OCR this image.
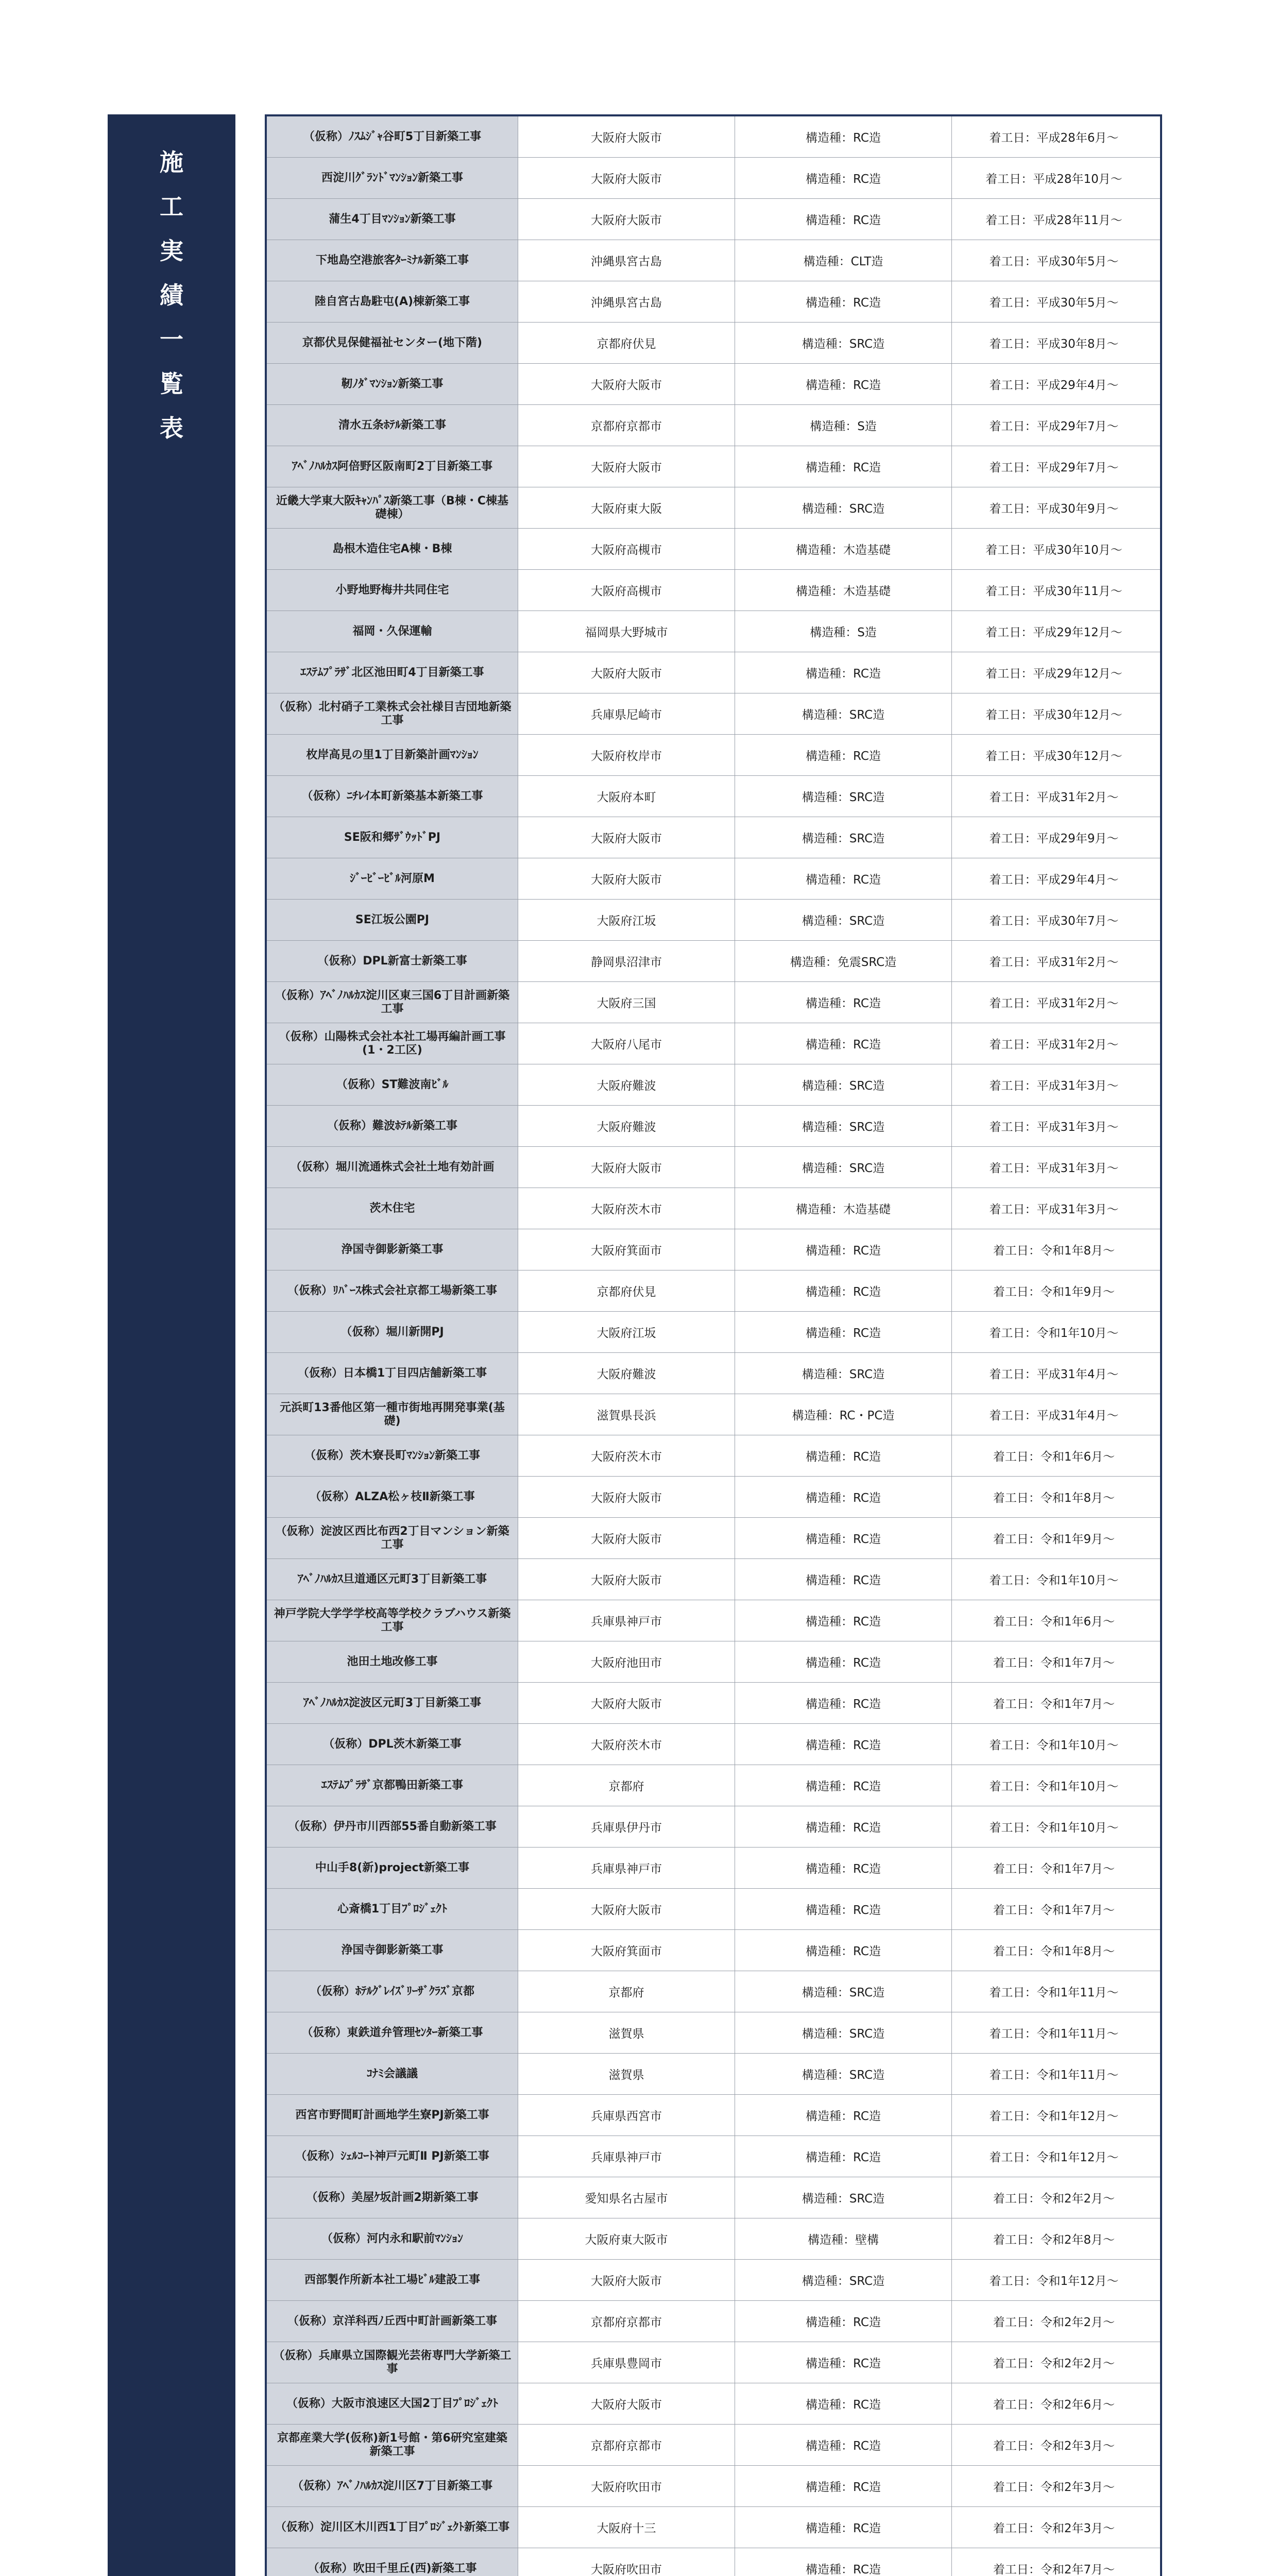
施
工
実
績
一
覧
表
（仮称）ﾉｽﾑｼﾞｬ谷町5丁目新築工事	大阪府大阪市	構造種：RC造	着工日：平成28年6月～
西淀川ｸﾞﾗﾝﾄﾞﾏﾝｼｮﾝ新築工事	大阪府大阪市	構造種：RC造	着工日：平成28年10月～
蒲生4丁目ﾏﾝｼｮﾝ新築工事	大阪府大阪市	構造種：RC造	着工日：平成28年11月～
下地島空港旅客ﾀｰﾐﾅﾙ新築工事	沖縄県宮古島	構造種：CLT造	着工日：平成30年5月～
陸自宮古島駐屯(A)棟新築工事	沖縄県宮古島	構造種：RC造	着工日：平成30年5月～
京都伏見保健福祉センター(地下階)	京都府伏見	構造種：SRC造	着工日：平成30年8月～
靭ﾉﾀﾞﾏﾝｼｮﾝ新築工事	大阪府大阪市	構造種：RC造	着工日：平成29年4月～
清水五条ﾎﾃﾙ新築工事	京都府京都市	構造種：S造	着工日：平成29年7月～
ｱﾍﾞﾉﾊﾙｶｽ阿倍野区阪南町2丁目新築工事	大阪府大阪市	構造種：RC造	着工日：平成29年7月～
近畿大学東大阪ｷｬﾝﾊﾟｽ新築工事（B棟・C棟基礎棟）	大阪府東大阪	構造種：SRC造	着工日：平成30年9月～
島根木造住宅A棟・B棟	大阪府高槻市	構造種：木造基礎	着工日：平成30年10月～
小野地野梅井共同住宅	大阪府高槻市	構造種：木造基礎	着工日：平成30年11月～
福岡・久保運輸	福岡県大野城市	構造種：S造	着工日：平成29年12月～
ｴｽﾃﾑﾌﾟﾗｻﾞ北区池田町4丁目新築工事	大阪府大阪市	構造種：RC造	着工日：平成29年12月～
（仮称）北村硝子工業株式会社様目吉団地新築工事	兵庫県尼崎市	構造種：SRC造	着工日：平成30年12月～
枚岸高見の里1丁目新築計画ﾏﾝｼｮﾝ	大阪府枚岸市	構造種：RC造	着工日：平成30年12月～
（仮称）ﾆﾁﾚｲ本町新築基本新築工事	大阪府本町	構造種：SRC造	着工日：平成31年2月～
SE阪和郷ｻﾞｳｯﾄﾞPJ	大阪府大阪市	構造種：SRC造	着工日：平成29年9月～
ｼﾞｰﾋﾞｰﾋﾞﾙ河原M	大阪府大阪市	構造種：RC造	着工日：平成29年4月～
SE江坂公園PJ	大阪府江坂	構造種：SRC造	着工日：平成30年7月～
（仮称）DPL新富士新築工事	静岡県沼津市	構造種：免震SRC造	着工日：平成31年2月～
（仮称）ｱﾍﾞﾉﾊﾙｶｽ淀川区東三国6丁目計画新築工事	大阪府三国	構造種：RC造	着工日：平成31年2月～
（仮称）山陽株式会社本社工場再編計画工事(1・2工区)	大阪府八尾市	構造種：RC造	着工日：平成31年2月～
（仮称）ST難波南ﾋﾞﾙ	大阪府難波	構造種：SRC造	着工日：平成31年3月～
（仮称）難波ﾎﾃﾙ新築工事	大阪府難波	構造種：SRC造	着工日：平成31年3月～
（仮称）堀川流通株式会社土地有効計画	大阪府大阪市	構造種：SRC造	着工日：平成31年3月～
茨木住宅	大阪府茨木市	構造種：木造基礎	着工日：平成31年3月～
浄国寺御影新築工事	大阪府箕面市	構造種：RC造	着工日：令和1年8月～
（仮称）ﾘﾊﾞｰｽ株式会社京都工場新築工事	京都府伏見	構造種：RC造	着工日：令和1年9月～
（仮称）堀川新開PJ	大阪府江坂	構造種：RC造	着工日：令和1年10月～
（仮称）日本橋1丁目四店舗新築工事	大阪府難波	構造種：SRC造	着工日：平成31年4月～
元浜町13番他区第一種市街地再開発事業(基礎)	滋賀県長浜	構造種：RC・PC造	着工日：平成31年4月～
（仮称）茨木寮長町ﾏﾝｼｮﾝ新築工事	大阪府茨木市	構造種：RC造	着工日：令和1年6月～
（仮称）ALZA松ヶ枝Ⅱ新築工事	大阪府大阪市	構造種：RC造	着工日：令和1年8月～
（仮称）淀波区西比布西2丁目マンション新築工事	大阪府大阪市	構造種：RC造	着工日：令和1年9月～
ｱﾍﾞﾉﾊﾙｶｽ旦道通区元町3丁目新築工事	大阪府大阪市	構造種：RC造	着工日：令和1年10月～
神戸学院大学学学校高等学校クラブハウス新築工事	兵庫県神戸市	構造種：RC造	着工日：令和1年6月～
池田土地改修工事	大阪府池田市	構造種：RC造	着工日：令和1年7月～
ｱﾍﾞﾉﾊﾙｶｽ淀波区元町3丁目新築工事	大阪府大阪市	構造種：RC造	着工日：令和1年7月～
（仮称）DPL茨木新築工事	大阪府茨木市	構造種：RC造	着工日：令和1年10月～
ｴｽﾃﾑﾌﾟﾗｻﾞ京都鴨田新築工事	京都府	構造種：RC造	着工日：令和1年10月～
（仮称）伊丹市川西部55番自動新築工事	兵庫県伊丹市	構造種：RC造	着工日：令和1年10月～
中山手8(新)project新築工事	兵庫県神戸市	構造種：RC造	着工日：令和1年7月～
心斎橋1丁目ﾌﾟﾛｼﾞｪｸﾄ	大阪府大阪市	構造種：RC造	着工日：令和1年7月～
浄国寺御影新築工事	大阪府箕面市	構造種：RC造	着工日：令和1年8月～
（仮称）ﾎﾃﾙｸﾞﾚｲｽﾞﾘｰｻﾞｸﾗｽﾞ京都	京都府	構造種：SRC造	着工日：令和1年11月～
（仮称）東鉄道弁管理ｾﾝﾀｰ新築工事	滋賀県	構造種：SRC造	着工日：令和1年11月～
ｺﾅﾐ会議議	滋賀県	構造種：SRC造	着工日：令和1年11月～
西宮市野間町計画地学生寮PJ新築工事	兵庫県西宮市	構造種：RC造	着工日：令和1年12月～
（仮称）ｼｪﾙｺｰﾄ神戸元町Ⅱ PJ新築工事	兵庫県神戸市	構造種：RC造	着工日：令和1年12月～
（仮称）美屋ｹ坂計画2期新築工事	愛知県名古屋市	構造種：SRC造	着工日：令和2年2月～
（仮称）河内永和駅前ﾏﾝｼｮﾝ	大阪府東大阪市	構造種：壁構	着工日：令和2年8月～
西部製作所新本社工場ﾋﾞﾙ建設工事	大阪府大阪市	構造種：SRC造	着工日：令和1年12月～
（仮称）京洋科西ﾉ丘西中町計画新築工事	京都府京都市	構造種：RC造	着工日：令和2年2月～
（仮称）兵庫県立国際観光芸術専門大学新築工事	兵庫県豊岡市	構造種：RC造	着工日：令和2年2月～
（仮称）大阪市浪速区大国2丁目ﾌﾟﾛｼﾞｪｸﾄ	大阪府大阪市	構造種：RC造	着工日：令和2年6月～
京都産業大学(仮称)新1号館・第6研究室建築新築工事	京都府京都市	構造種：RC造	着工日：令和2年3月～
（仮称）ｱﾍﾞﾉﾊﾙｶｽ淀川区7丁目新築工事	大阪府吹田市	構造種：RC造	着工日：令和2年3月～
（仮称）淀川区木川西1丁目ﾌﾟﾛｼﾞｪｸﾄ新築工事	大阪府十三	構造種：RC造	着工日：令和2年3月～
（仮称）吹田千里丘(西)新築工事	大阪府吹田市	構造種：RC造	着工日：令和2年7月～
